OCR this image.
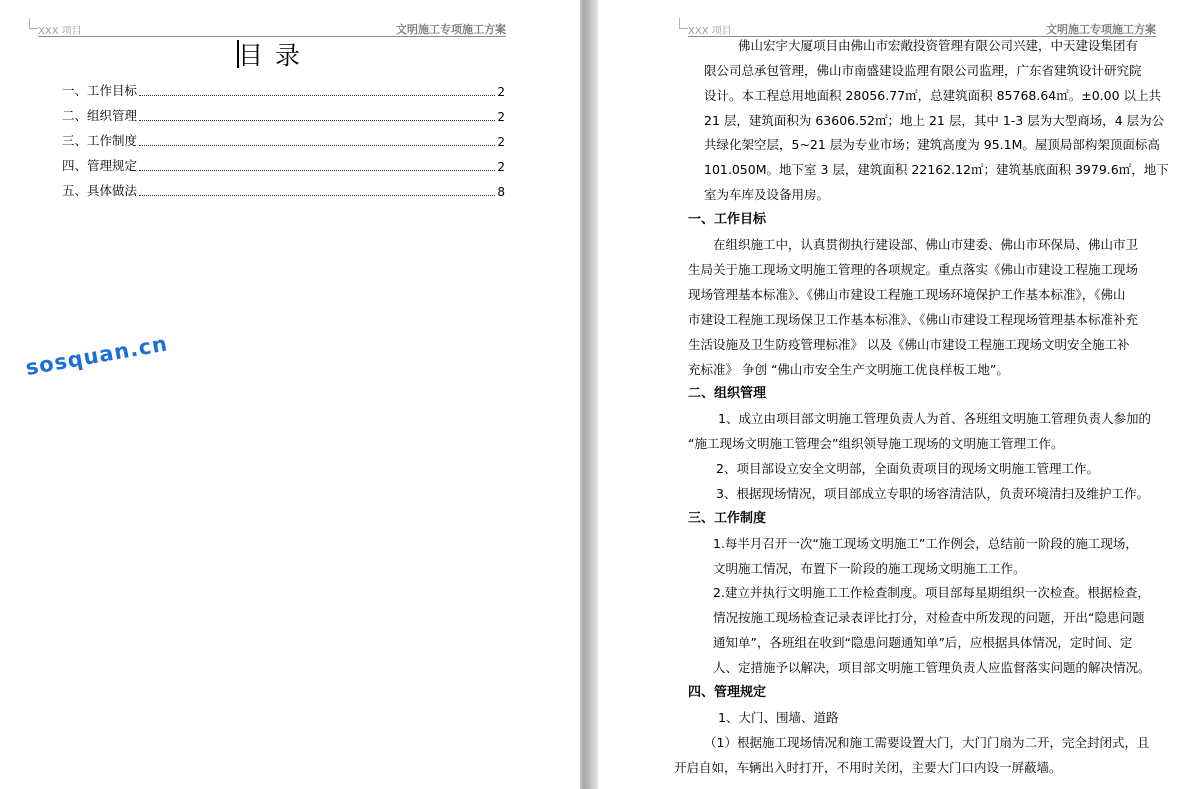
XXX 项目	文明施工专项施工方案
目录
一、工作目标	2
二、组织管理	2
三、工作制度	2
四、管理规定	2
五、具体做法	8
sosquan.cn
XXX 项目	文明施工专项施工方案
佛山宏宇大厦项目由佛山市宏敞投资管理有限公司兴建，中天建设集团有
限公司总承包管理，佛山市南盛建设监理有限公司监理，广东省建筑设计研究院
设计。本工程总用地面积 28056.77㎡，总建筑面积 85768.64㎡。±0.00 以上共
21 层，建筑面积为 63606.52㎡；地上 21 层，其中 1-3 层为大型商场，4 层为公
共绿化架空层，5~21 层为专业市场；建筑高度为 95.1M。屋顶局部构架顶面标高
101.050M。地下室 3 层，建筑面积 22162.12㎡；建筑基底面积 3979.6㎡，地下
室为车库及设备用房。
一、工作目标
在组织施工中，认真贯彻执行建设部、佛山市建委、佛山市环保局、佛山市卫
生局关于施工现场文明施工管理的各项规定。重点落实《佛山市建设工程施工现场
现场管理基本标准》、《佛山市建设工程施工现场环境保护工作基本标准》，《佛山
市建设工程施工现场保卫工作基本标准》、《佛山市建设工程现场管理基本标准补充
生活设施及卫生防疫管理标准》 以及《佛山市建设工程施工现场文明安全施工补
充标准》 争创 “佛山市安全生产文明施工优良样板工地”。
二、组织管理
1、成立由项目部文明施工管理负责人为首、各班组文明施工管理负责人参加的
“施工现场文明施工管理会”组织领导施工现场的文明施工管理工作。
2、项目部设立安全文明部，全面负责项目的现场文明施工管理工作。
3、根据现场情况，项目部成立专职的场容清洁队，负责环境清扫及维护工作。
三、工作制度
1.每半月召开一次“施工现场文明施工”工作例会，总结前一阶段的施工现场，
文明施工情况，布置下一阶段的施工现场文明施工工作。
2.建立并执行文明施工工作检查制度。项目部每星期组织一次检查。根据检查，
情况按施工现场检查记录表评比打分，对检查中所发现的问题，开出“隐患问题
通知单”，各班组在收到“隐患问题通知单”后，应根据具体情况，定时间、定
人、定措施予以解决，项目部文明施工管理负责人应监督落实问题的解决情况。
四、管理规定
1、大门、围墙、道路
（1）根据施工现场情况和施工需要设置大门，大门门扇为二开，完全封闭式，且
开启自如，车辆出入时打开，不用时关闭，主要大门口内设一屏蔽墙。
